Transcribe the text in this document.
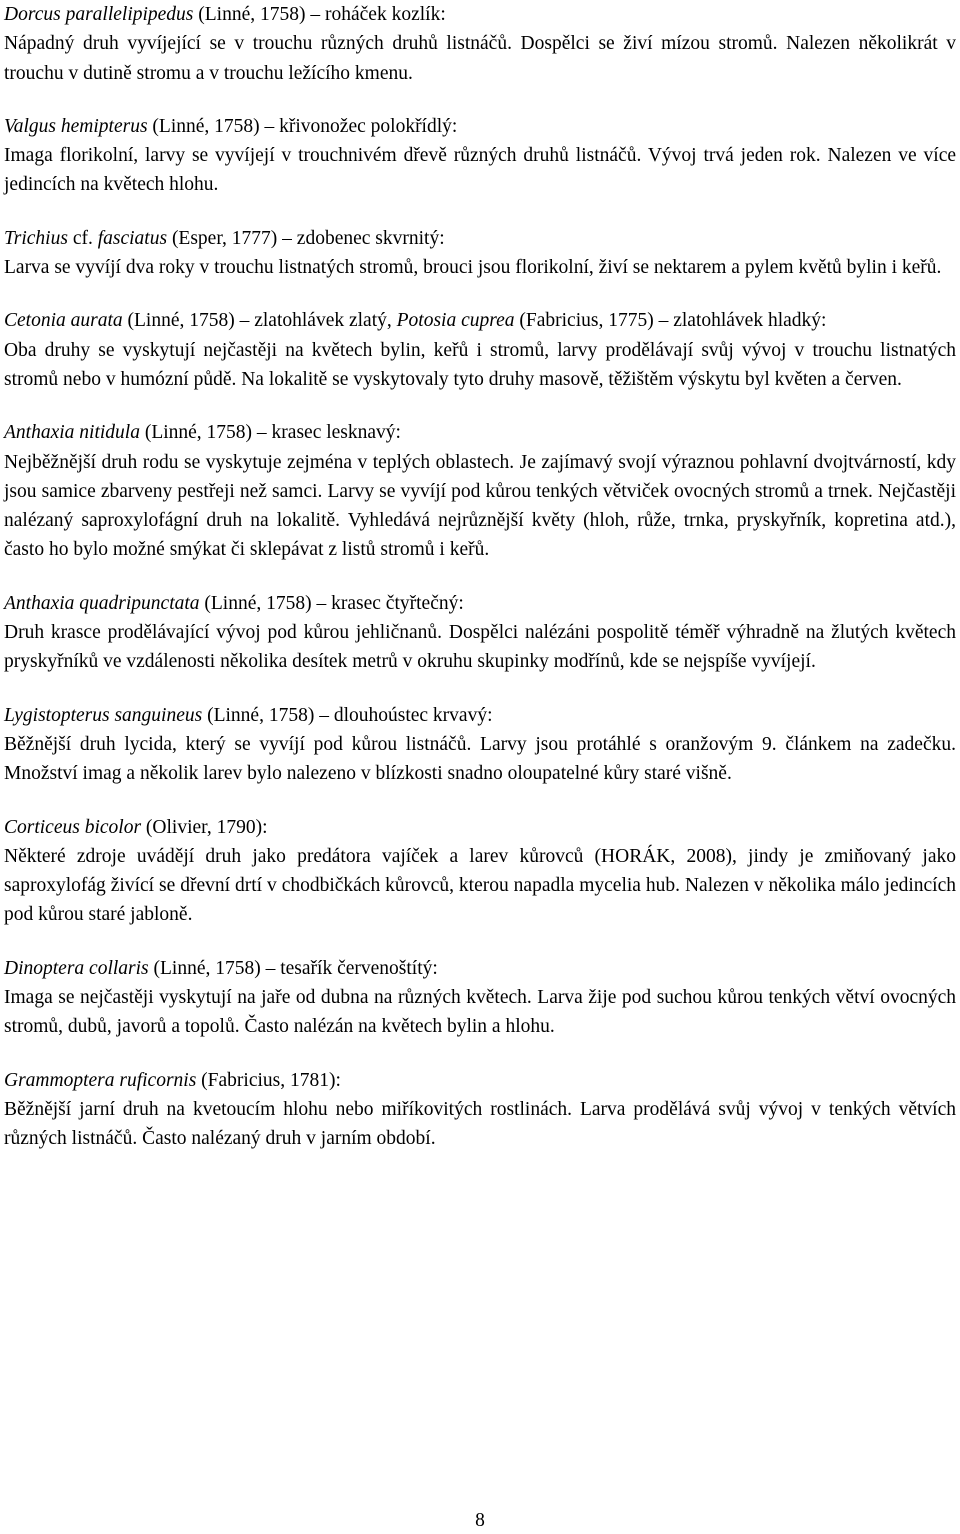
Dorcus parallelipipedus (Linné, 1758) – roháček kozlík:

Nápadný druh vyvíjející se v trouchu různých druhů listnáčů. Dospělci se živí mízou stromů. Nalezen několikrát v trouchu v dutině stromu a v trouchu ležícího kmenu.

Valgus hemipterus (Linné, 1758) – křivonožec polokřídlý:

Imaga florikolní, larvy se vyvíjejí v trouchnivém dřevě různých druhů listnáčů. Vývoj trvá jeden rok. Nalezen ve více jedincích na květech hlohu.

Trichius cf. fasciatus (Esper, 1777) – zdobenec skvrnitý:

Larva se vyvíjí dva roky v trouchu listnatých stromů, brouci jsou florikolní, živí se nektarem a pylem květů bylin i keřů.

Cetonia aurata (Linné, 1758) – zlatohlávek zlatý, Potosia cuprea (Fabricius, 1775) – zlatohlávek hladký:

Oba druhy se vyskytují nejčastěji na květech bylin, keřů i stromů, larvy prodělávají svůj vývoj v trouchu listnatých stromů nebo v humózní půdě. Na lokalitě se vyskytovaly tyto druhy masově, těžištěm výskytu byl květen a červen.

Anthaxia nitidula (Linné, 1758) – krasec lesknavý:

Nejběžnější druh rodu se vyskytuje zejména v teplých oblastech. Je zajímavý svojí výraznou pohlavní dvojtvárností, kdy jsou samice zbarveny pestřeji než samci. Larvy se vyvíjí pod kůrou tenkých větviček ovocných stromů a trnek. Nejčastěji nalézaný saproxylofágní druh na lokalitě. Vyhledává nejrůznější květy (hloh, růže, trnka, pryskyřník, kopretina atd.), často ho bylo možné smýkat či sklepávat z listů stromů i keřů.

Anthaxia quadripunctata (Linné, 1758) – krasec čtyřtečný:

Druh krasce prodělávající vývoj pod kůrou jehličnanů. Dospělci nalézáni pospolitě téměř výhradně na žlutých květech pryskyřníků ve vzdálenosti několika desítek metrů v okruhu skupinky modřínů, kde se nejspíše vyvíjejí.

Lygistopterus sanguineus (Linné, 1758) – dlouhoústec krvavý:

Běžnější druh lycida, který se vyvíjí pod kůrou listnáčů. Larvy jsou protáhlé s oranžovým 9. článkem na zadečku. Množství imag a několik larev bylo nalezeno v blízkosti snadno oloupatelné kůry staré višně.

Corticeus bicolor (Olivier, 1790):

Některé zdroje uvádějí druh jako predátora vajíček a larev kůrovců (HORÁK, 2008), jindy je zmiňovaný jako saproxylofág živící se dřevní drtí v chodbičkách kůrovců, kterou napadla mycelia hub. Nalezen v několika málo jedincích pod kůrou staré jabloně.

Dinoptera collaris (Linné, 1758) – tesařík červenoštítý:

Imaga se nejčastěji vyskytují na jaře od dubna na různých květech. Larva žije pod suchou kůrou tenkých větví ovocných stromů, dubů, javorů a topolů. Často nalézán na květech bylin a hlohu.

Grammoptera ruficornis (Fabricius, 1781):

Běžnější jarní druh na kvetoucím hlohu nebo miříkovitých rostlinách. Larva prodělává svůj vývoj v tenkých větvích různých listnáčů. Často nalézaný druh v jarním období.

8
